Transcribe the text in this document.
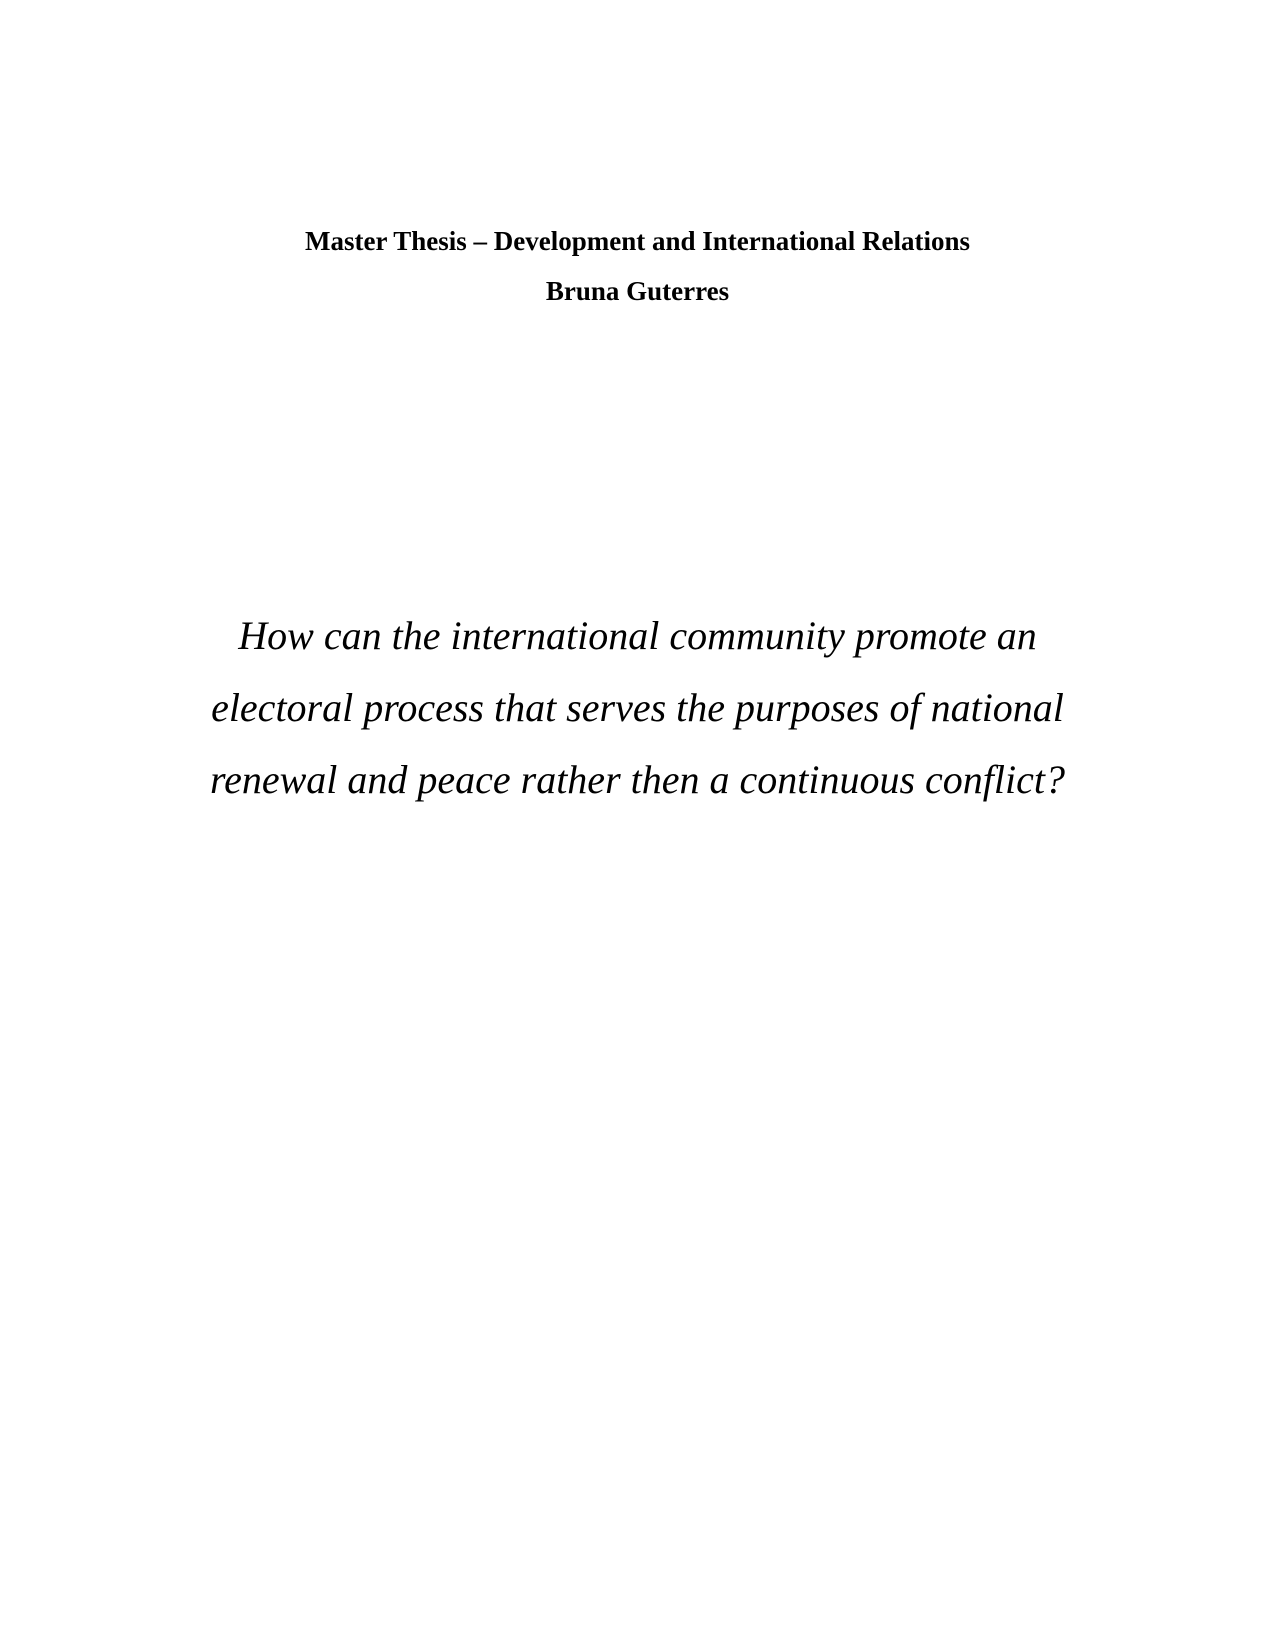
Master Thesis – Development and International Relations
Bruna Guterres
How can the international community promote an
electoral process that serves the purposes of national
renewal and peace rather then a continuous conflict?
